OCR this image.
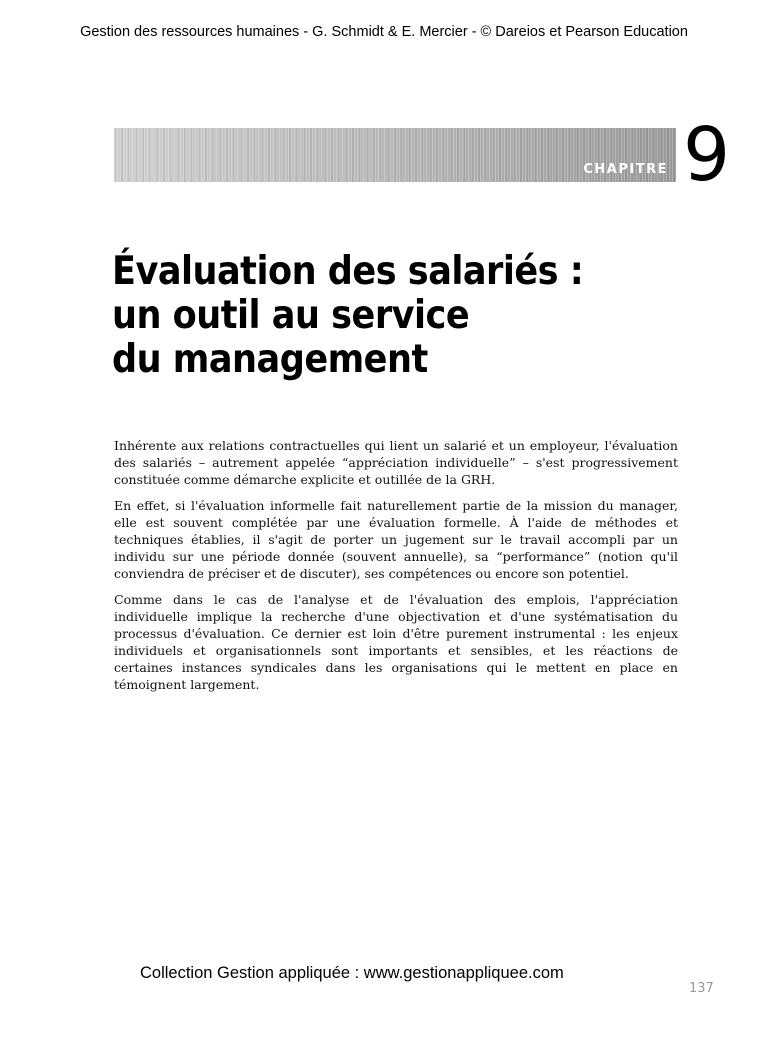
Gestion des ressources humaines - G. Schmidt & E. Mercier - © Dareios et Pearson Education
CHAPITRE 9
Évaluation des salariés :
un outil au service
du management

Inhérente aux relations contractuelles qui lient un salarié et un employeur, l'évaluation des salariés – autrement appelée “appréciation individuelle” – s'est progressivement constituée comme démarche explicite et outillée de la GRH.

En effet, si l'évaluation informelle fait naturellement partie de la mission du manager, elle est souvent complétée par une évaluation formelle. À l'aide de méthodes et techniques établies, il s'agit de porter un jugement sur le travail accompli par un individu sur une période donnée (souvent annuelle), sa “performance” (notion qu'il conviendra de préciser et de discuter), ses compétences ou encore son potentiel.

Comme dans le cas de l'analyse et de l'évaluation des emplois, l'appréciation individuelle implique la recherche d'une objectivation et d'une systématisation du processus d'évaluation. Ce dernier est loin d'être purement instrumental : les enjeux individuels et organisationnels sont importants et sensibles, et les réactions de certaines instances syndicales dans les organisations qui le mettent en place en témoignent largement.

Collection Gestion appliquée : www.gestionappliquee.com
137
